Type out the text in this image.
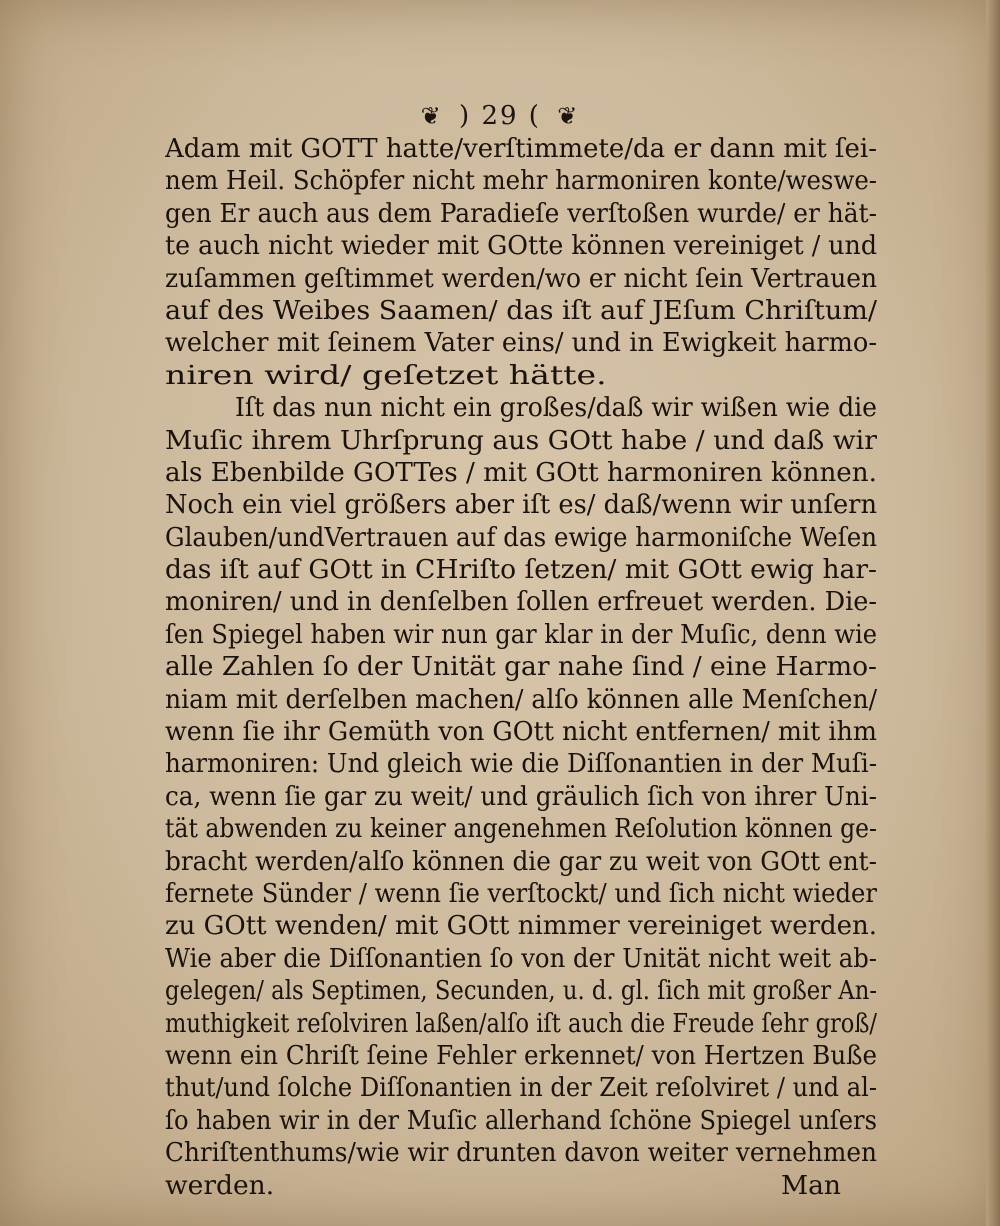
❦ ) 29 ( ❦
Adam mit GOTT hatte/verſtimmete/da er dann mit ſei-
nem Heil. Schöpfer nicht mehr harmoniren konte/weswe-
gen Er auch aus dem Paradieſe verſtoßen wurde/ er hät-
te auch nicht wieder mit GOtte können vereiniget / und
zuſammen geſtimmet werden/wo er nicht ſein Vertrauen
auf des Weibes Saamen/ das iſt auf JEſum Chriſtum/
welcher mit ſeinem Vater eins/ und in Ewigkeit harmo-
niren wird/ geſetzet hätte.
Iſt das nun nicht ein großes/daß wir wißen wie die
Muſic ihrem Uhrſprung aus GOtt habe / und daß wir
als Ebenbilde GOTTes / mit GOtt harmoniren können.
Noch ein viel größers aber iſt es/ daß/wenn wir unſern
Glauben/undVertrauen auf das ewige harmoniſche Weſen
das iſt auf GOtt in CHriſto ſetzen/ mit GOtt ewig har-
moniren/ und in denſelben ſollen erfreuet werden. Die-
ſen Spiegel haben wir nun gar klar in der Muſic, denn wie
alle Zahlen ſo der Unität gar nahe ſind / eine Harmo-
niam mit derſelben machen/ alſo können alle Menſchen/
wenn ſie ihr Gemüth von GOtt nicht entfernen/ mit ihm
harmoniren: Und gleich wie die Diſſonantien in der Muſi-
ca, wenn ſie gar zu weit/ und gräulich ſich von ihrer Uni-
tät abwenden zu keiner angenehmen Reſolution können ge-
bracht werden/alſo können die gar zu weit von GOtt ent-
fernete Sünder / wenn ſie verſtockt/ und ſich nicht wieder
zu GOtt wenden/ mit GOtt nimmer vereiniget werden.
Wie aber die Diſſonantien ſo von der Unität nicht weit ab-
gelegen/ als Septimen, Secunden, u. d. gl. ſich mit großer An-
muthigkeit reſolviren laßen/alſo iſt auch die Freude ſehr groß/
wenn ein Chriſt ſeine Fehler erkennet/ von Hertzen Buße
thut/und ſolche Diſſonantien in der Zeit reſolviret / und al-
ſo haben wir in der Muſic allerhand ſchöne Spiegel unſers
Chriſtenthums/wie wir drunten davon weiter vernehmen
werden.	Man
